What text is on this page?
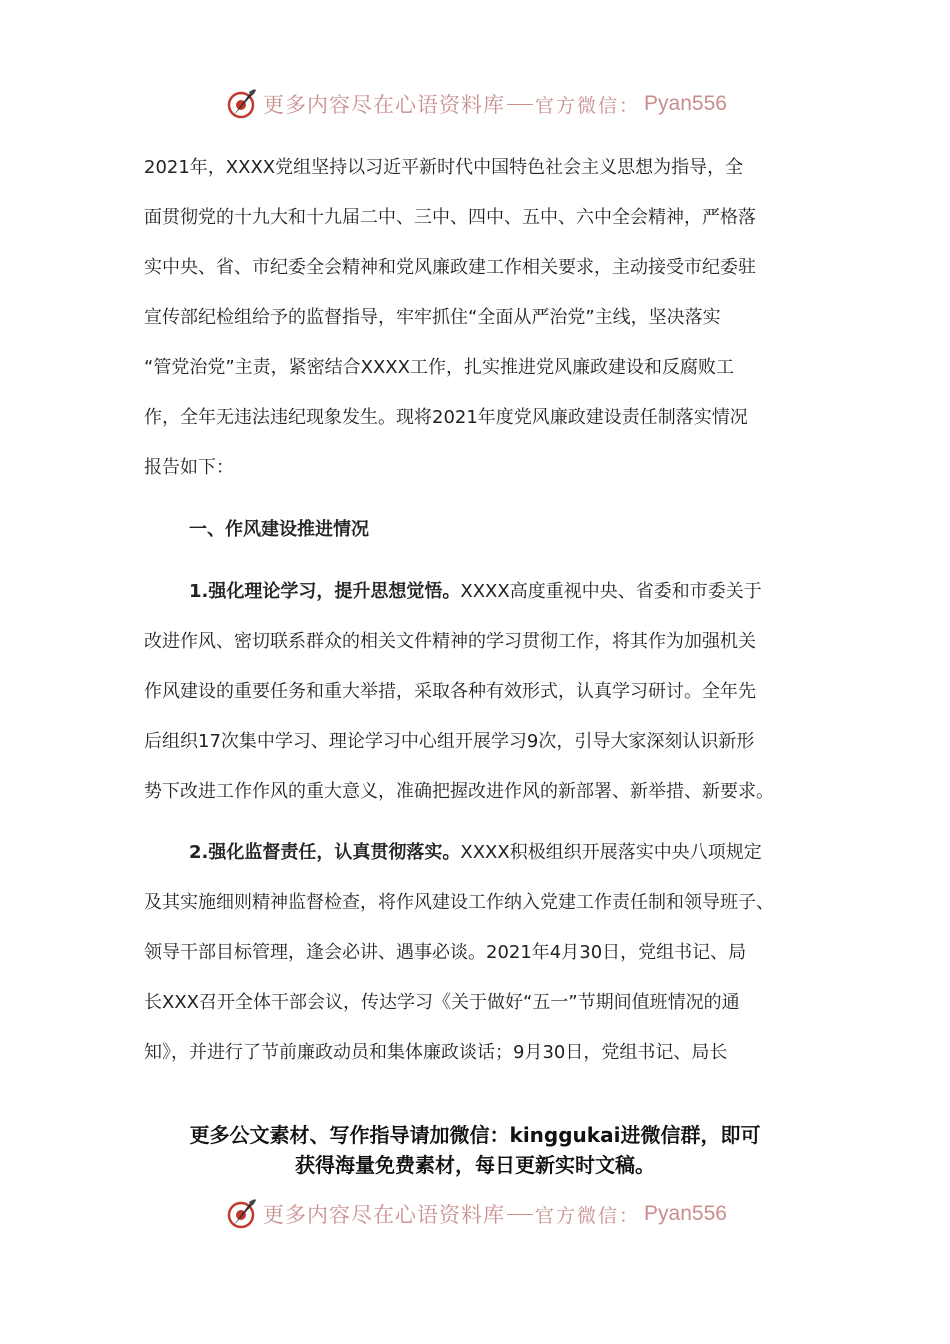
更多内容尽在心语资料库 官方微信： Pyan556
2021年，XXXX党组坚持以习近平新时代中国特色社会主义思想为指导，全
面贯彻党的十九大和十九届二中、三中、四中、五中、六中全会精神，严格落
实中央、省、市纪委全会精神和党风廉政建工作相关要求，主动接受市纪委驻
宣传部纪检组给予的监督指导，牢牢抓住“全面从严治党”主线，坚决落实
“管党治党”主责，紧密结合XXXX工作，扎实推进党风廉政建设和反腐败工
作，全年无违法违纪现象发生。现将2021年度党风廉政建设责任制落实情况
报告如下：
一、作风建设推进情况
1.强化理论学习，提升思想觉悟。XXXX高度重视中央、省委和市委关于
改进作风、密切联系群众的相关文件精神的学习贯彻工作，将其作为加强机关
作风建设的重要任务和重大举措，采取各种有效形式，认真学习研讨。全年先
后组织17次集中学习、理论学习中心组开展学习9次，引导大家深刻认识新形
势下改进工作作风的重大意义，准确把握改进作风的新部署、新举措、新要求。
2.强化监督责任，认真贯彻落实。XXXX积极组织开展落实中央八项规定
及其实施细则精神监督检查，将作风建设工作纳入党建工作责任制和领导班子、
领导干部目标管理，逢会必讲、遇事必谈。2021年4月30日，党组书记、局
长XXX召开全体干部会议，传达学习《关于做好“五一”节期间值班情况的通
知》，并进行了节前廉政动员和集体廉政谈话；9月30日，党组书记、局长
更多公文素材、写作指导请加微信：kinggukai进微信群，即可
获得海量免费素材，每日更新实时文稿。
更多内容尽在心语资料库 官方微信： Pyan556
